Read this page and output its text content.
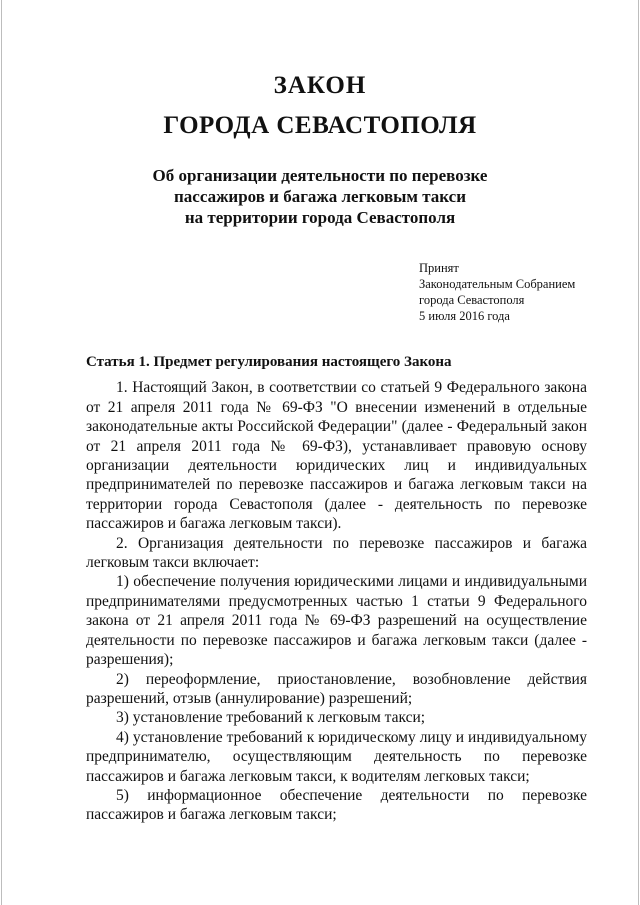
ЗАКОН
ГОРОДА СЕВАСТОПОЛЯ
Об организации деятельности по перевозке
пассажиров и багажа легковым такси
на территории города Севастополя
Принят
Законодательным Собранием
города Севастополя
5 июля 2016 года
Статья 1. Предмет регулирования настоящего Закона

1. Настоящий Закон, в соответствии со статьей 9 Федерального закона от 21 апреля 2011 года № 69-ФЗ "О внесении изменений в отдельные законодательные акты Российской Федерации" (далее - Федеральный закон от 21 апреля 2011 года № 69-ФЗ), устанавливает правовую основу организации деятельности юридических лиц и индивидуальных предпринимателей по перевозке пассажиров и багажа легковым такси на территории города Севастополя (далее - деятельность по перевозке пассажиров и багажа легковым такси).

2. Организация деятельности по перевозке пассажиров и багажа легковым такси включает:

1) обеспечение получения юридическими лицами и индивидуальными предпринимателями предусмотренных частью 1 статьи 9 Федерального закона от 21 апреля 2011 года № 69-ФЗ разрешений на осуществление деятельности по перевозке пассажиров и багажа легковым такси (далее - разрешения);

2) переоформление, приостановление, возобновление действия разрешений, отзыв (аннулирование) разрешений;

3) установление требований к легковым такси;

4) установление требований к юридическому лицу и индивидуальному предпринимателю, осуществляющим деятельность по перевозке пассажиров и багажа легковым такси, к водителям легковых такси;

5) информационное обеспечение деятельности по перевозке пассажиров и багажа легковым такси;
